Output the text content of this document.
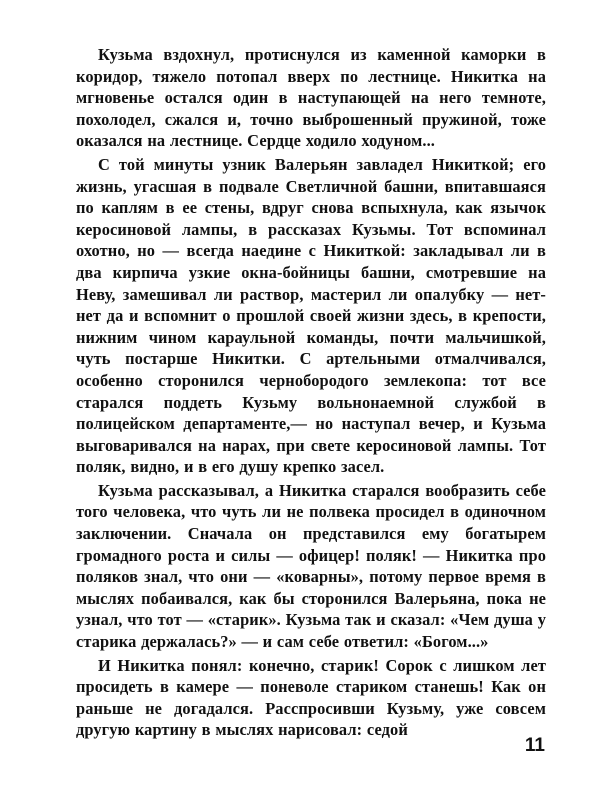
Кузьма вздохнул, протиснулся из каменной каморки в коридор, тяжело потопал вверх по лестнице. Никитка на мгновенье остался один в наступающей на него темноте, похолодел, сжался и, точно выброшенный пружиной, тоже оказался на лестнице. Сердце ходило ходуном...

С той минуты узник Валерьян завладел Никиткой; его жизнь, угасшая в подвале Светличной башни, впитавшаяся по каплям в ее стены, вдруг снова вспыхнула, как язычок керосиновой лампы, в рассказах Кузьмы. Тот вспоминал охотно, но — всегда наедине с Никиткой: закладывал ли в два кирпича узкие окна-бойницы башни, смотревшие на Неву, замешивал ли раствор, мастерил ли опалубку — нет-нет да и вспомнит о прошлой своей жизни здесь, в крепости, нижним чином караульной команды, почти мальчишкой, чуть постарше Никитки. С артельными отмалчивался, особенно сторонился чернобородого землекопа: тот все старался поддеть Кузьму вольнонаемной службой в полицейском департаменте,— но наступал вечер, и Кузьма выговаривался на нарах, при свете керосиновой лампы. Тот поляк, видно, и в его душу крепко засел.

Кузьма рассказывал, а Никитка старался вообразить себе того человека, что чуть ли не полвека просидел в одиночном заключении. Сначала он представился ему богатырем громадного роста и силы — офицер! поляк! — Никитка про поляков знал, что они — «коварны», потому первое время в мыслях побаивался, как бы сторонился Валерьяна, пока не узнал, что тот — «старик». Кузьма так и сказал: «Чем душа у старика держалась?» — и сам себе ответил: «Богом...»

И Никитка понял: конечно, старик! Сорок с лишком лет просидеть в камере — поневоле стариком станешь! Как он раньше не догадался. Расспросивши Кузьму, уже совсем другую картину в мыслях нарисовал: седой

11
